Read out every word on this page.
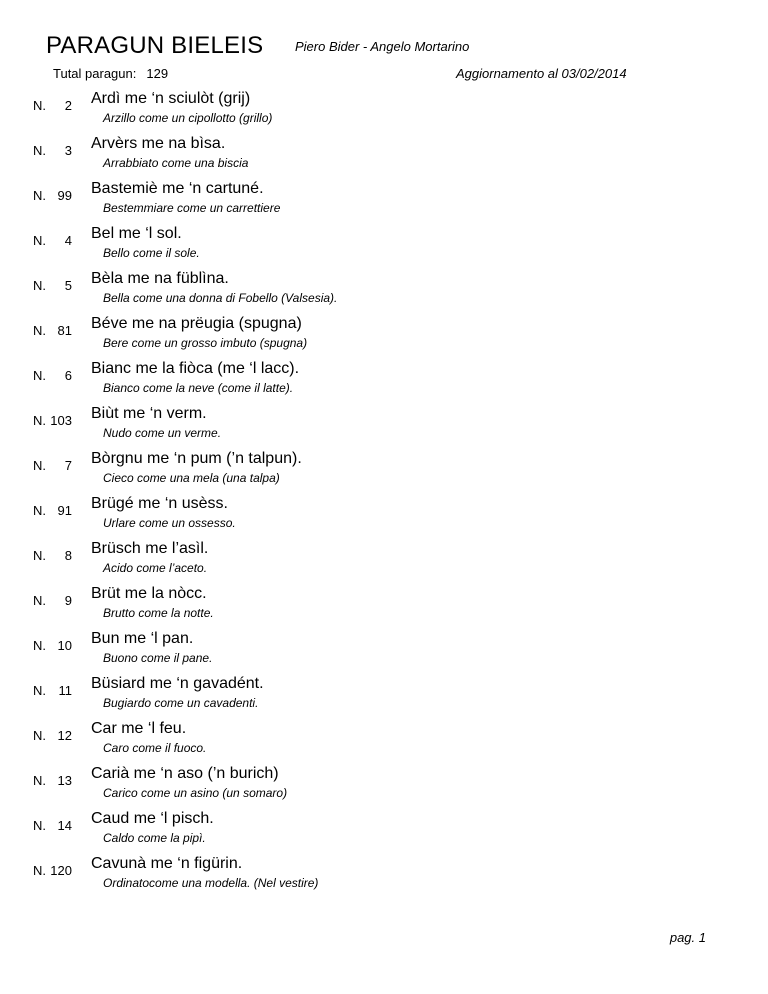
PARAGUN BIELEIS Piero Bider - Angelo Mortarino
Tutal paragun: 129	Aggiornamento al 03/02/2014
N.	2 Ardì me ‘n sciulòt (grij)
Arzillo come un cipollotto (grillo)
N.	3 Arvèrs me na bìsa.
Arrabbiato come una biscia
N. 99 Bastemiè me ‘n cartuné.
Bestemmiare come un carrettiere
N.	4 Bel me ‘l sol.
Bello come il sole.
N.	5 Bèla me na füblìna.
Bella come una donna di Fobello (Valsesia).
N. 81 Béve me na prëugia (spugna)
Bere come un grosso imbuto (spugna)
N.	6 Bianc me la fiòca (me ‘l lacc).
Bianco come la neve (come il latte).
N. 103 Biùt me ‘n verm.
Nudo come un verme.
N.	7 Bòrgnu me ‘n pum (’n talpun).
Cieco come una mela (una talpa)
N. 91 Brügé me ‘n usèss.
Urlare come un ossesso.
N.	8 Brüsch me l’asìl.
Acido come l’aceto.
N.	9 Brüt me la nòcc.
Brutto come la notte.
N. 10 Bun me ‘l pan.
Buono come il pane.
N. 11 Büsiard me ‘n gavadént.
Bugiardo come un cavadenti.
N. 12 Car me ‘l feu.
Caro come il fuoco.
N. 13 Carià me ‘n aso (’n burich)
Carico come un asino (un somaro)
N. 14 Caud me ‘l pisch.
Caldo come la pipì.
N. 120 Cavunà me ‘n figürin.
Ordinatocome una modella. (Nel vestire)
pag. 1
